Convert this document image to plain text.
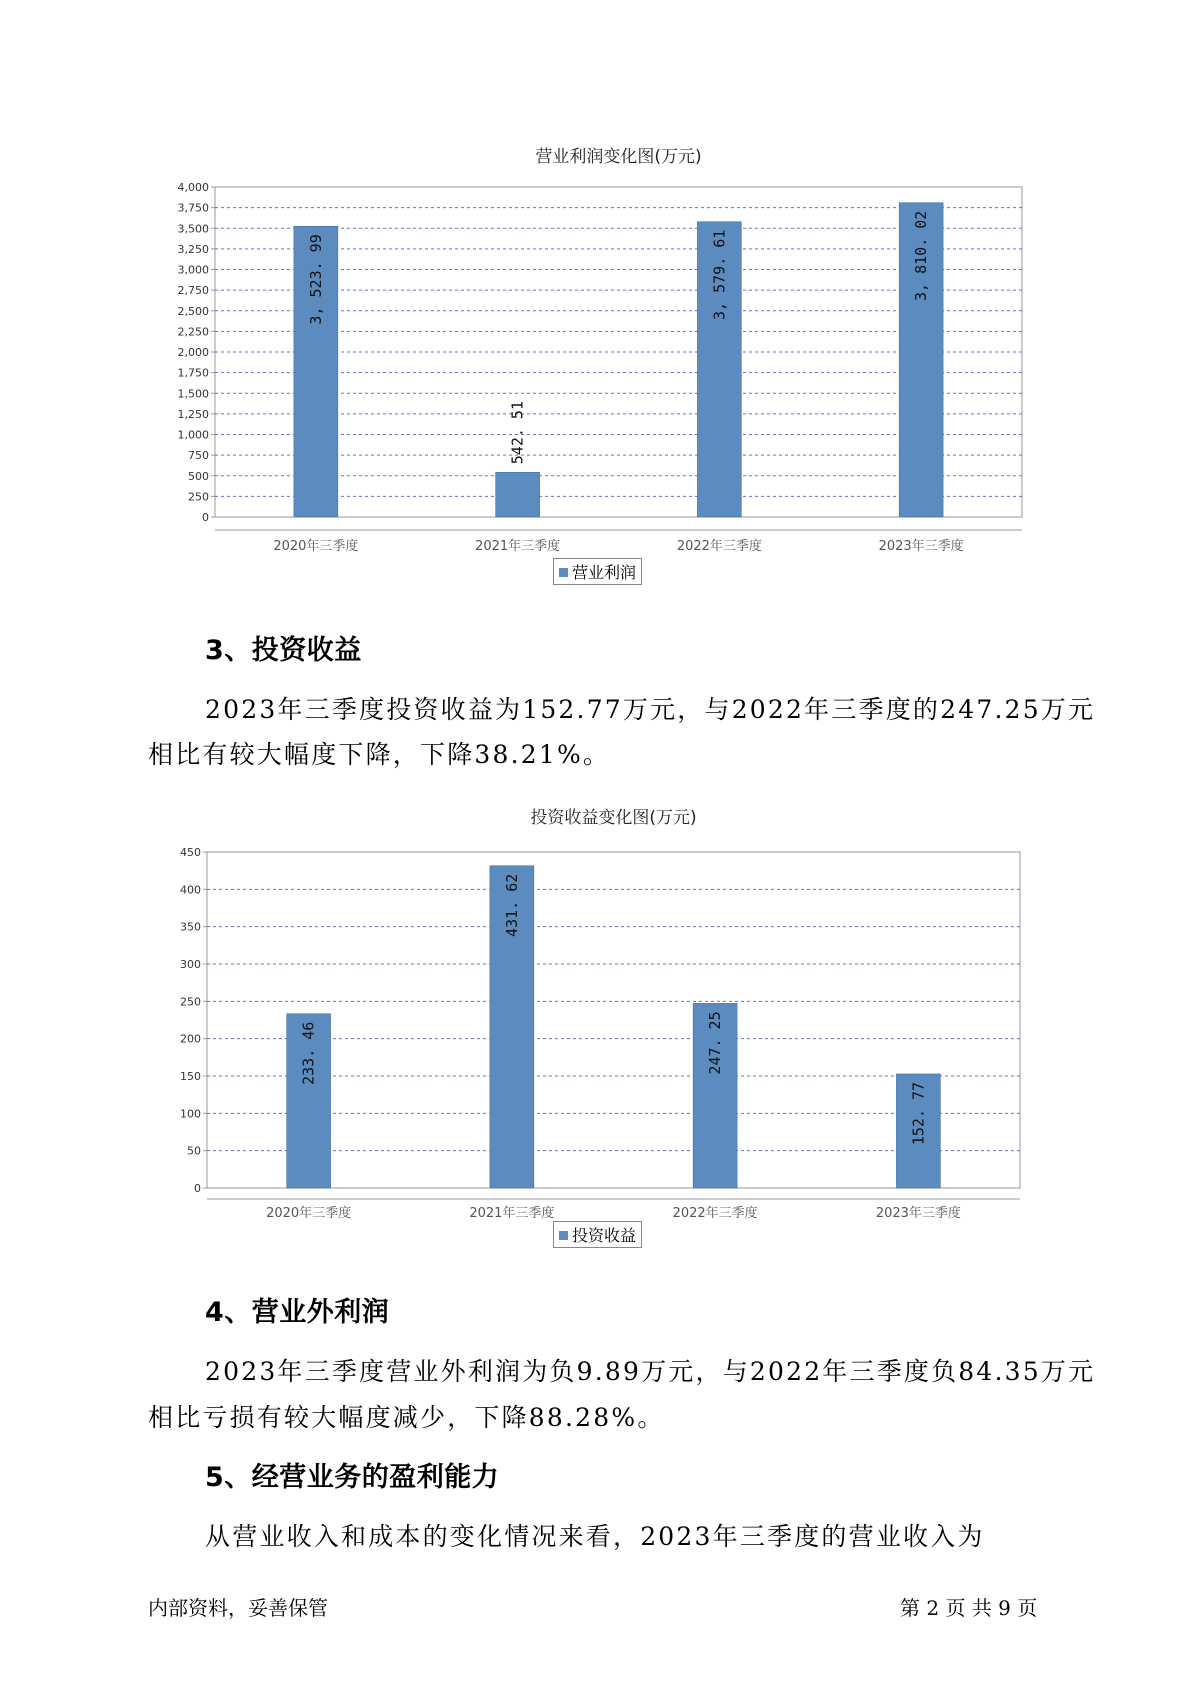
营业利润变化图(万元)
0
250
500
750
1,000
1,250
1,500
1,750
2,000
2,250
2,500
2,750
3,000
3,250
3,500
3,750
4,000
3, 523. 99
2020年三季度
542. 51
2021年三季度
3, 579. 61
2022年三季度
3, 810. 02
2023年三季度
营业利润
3、投资收益
2023年三季度投资收益为152.77万元，与2022年三季度的247.25万元
相比有较大幅度下降，下降38.21%。
投资收益变化图(万元)
0
50
100
150
200
250
300
350
400
450
233. 46
2020年三季度
431. 62
2021年三季度
247. 25
2022年三季度
152. 77
2023年三季度
投资收益
4、营业外利润
2023年三季度营业外利润为负9.89万元，与2022年三季度负84.35万元
相比亏损有较大幅度减少，下降88.28%。
5、经营业务的盈利能力
从营业收入和成本的变化情况来看，2023年三季度的营业收入为
内部资料，妥善保管	第 2 页 共 9 页
